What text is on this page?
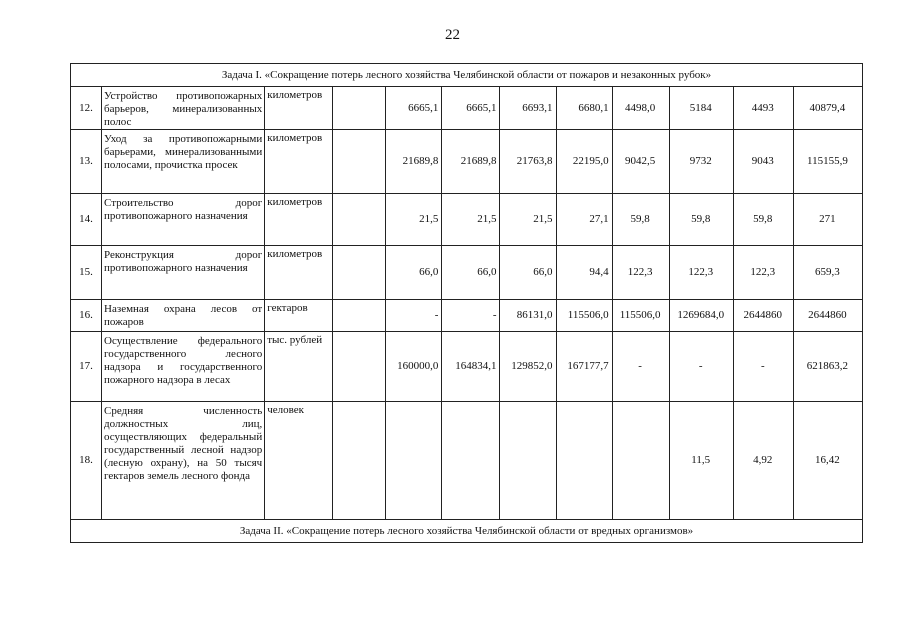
22
Задача I. «Сокращение потерь лесного хозяйства Челябинской области от пожаров и незаконных рубок»											
12.	Устройство противопожарных барьеров, минерализованных полос	километров		6665,1	6665,1	6693,1	6680,1	4498,0	5184	4493	40879,4
13.	Уход за противопожарными барьерами, минерализованными полосами, прочистка просек	километров		21689,8	21689,8	21763,8	22195,0	9042,5	9732	9043	115155,9
14.	Строительство дорог противопожарного назначения	километров		21,5	21,5	21,5	27,1	59,8	59,8	59,8	271
15.	Реконструкция дорог противопожарного назначения	километров		66,0	66,0	66,0	94,4	122,3	122,3	122,3	659,3
16.	Наземная охрана лесов от пожаров	гектаров		-	-	86131,0	115506,0	115506,0	1269684,0	2644860	2644860
17.	Осуществление федерального государственного лесного надзора и государственного пожарного надзора в лесах	тыс. рублей		160000,0	164834,1	129852,0	167177,7	-	-	-	621863,2
18.	Средняя численность должностных лиц, осуществляющих федеральный государственный лесной надзор (лесную охрану), на 50 тысяч гектаров земель лесного фонда	человек							11,5	4,92	16,42
Задача II. «Сокращение потерь лесного хозяйства Челябинской области от вредных организмов»											
